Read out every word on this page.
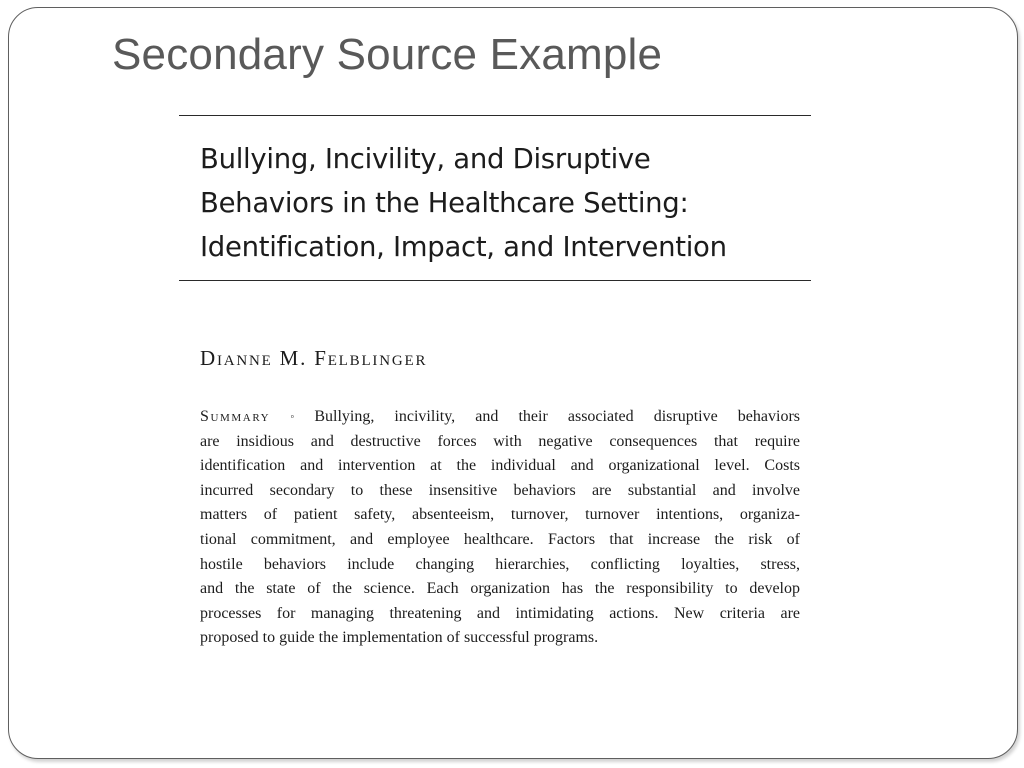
Secondary Source Example
Bullying, Incivility, and Disruptive
Behaviors in the Healthcare Setting:
Identification, Impact, and Intervention

Dianne M. Felblinger

Summary ◦ Bullying, incivility, and their associated disruptive behaviors
are insidious and destructive forces with negative consequences that require
identification and intervention at the individual and organizational level. Costs
incurred secondary to these insensitive behaviors are substantial and involve
matters of patient safety, absenteeism, turnover, turnover intentions, organiza-
tional commitment, and employee healthcare. Factors that increase the risk of
hostile behaviors include changing hierarchies, conflicting loyalties, stress,
and the state of the science. Each organization has the responsibility to develop
processes for managing threatening and intimidating actions. New criteria are
proposed to guide the implementation of successful programs.
